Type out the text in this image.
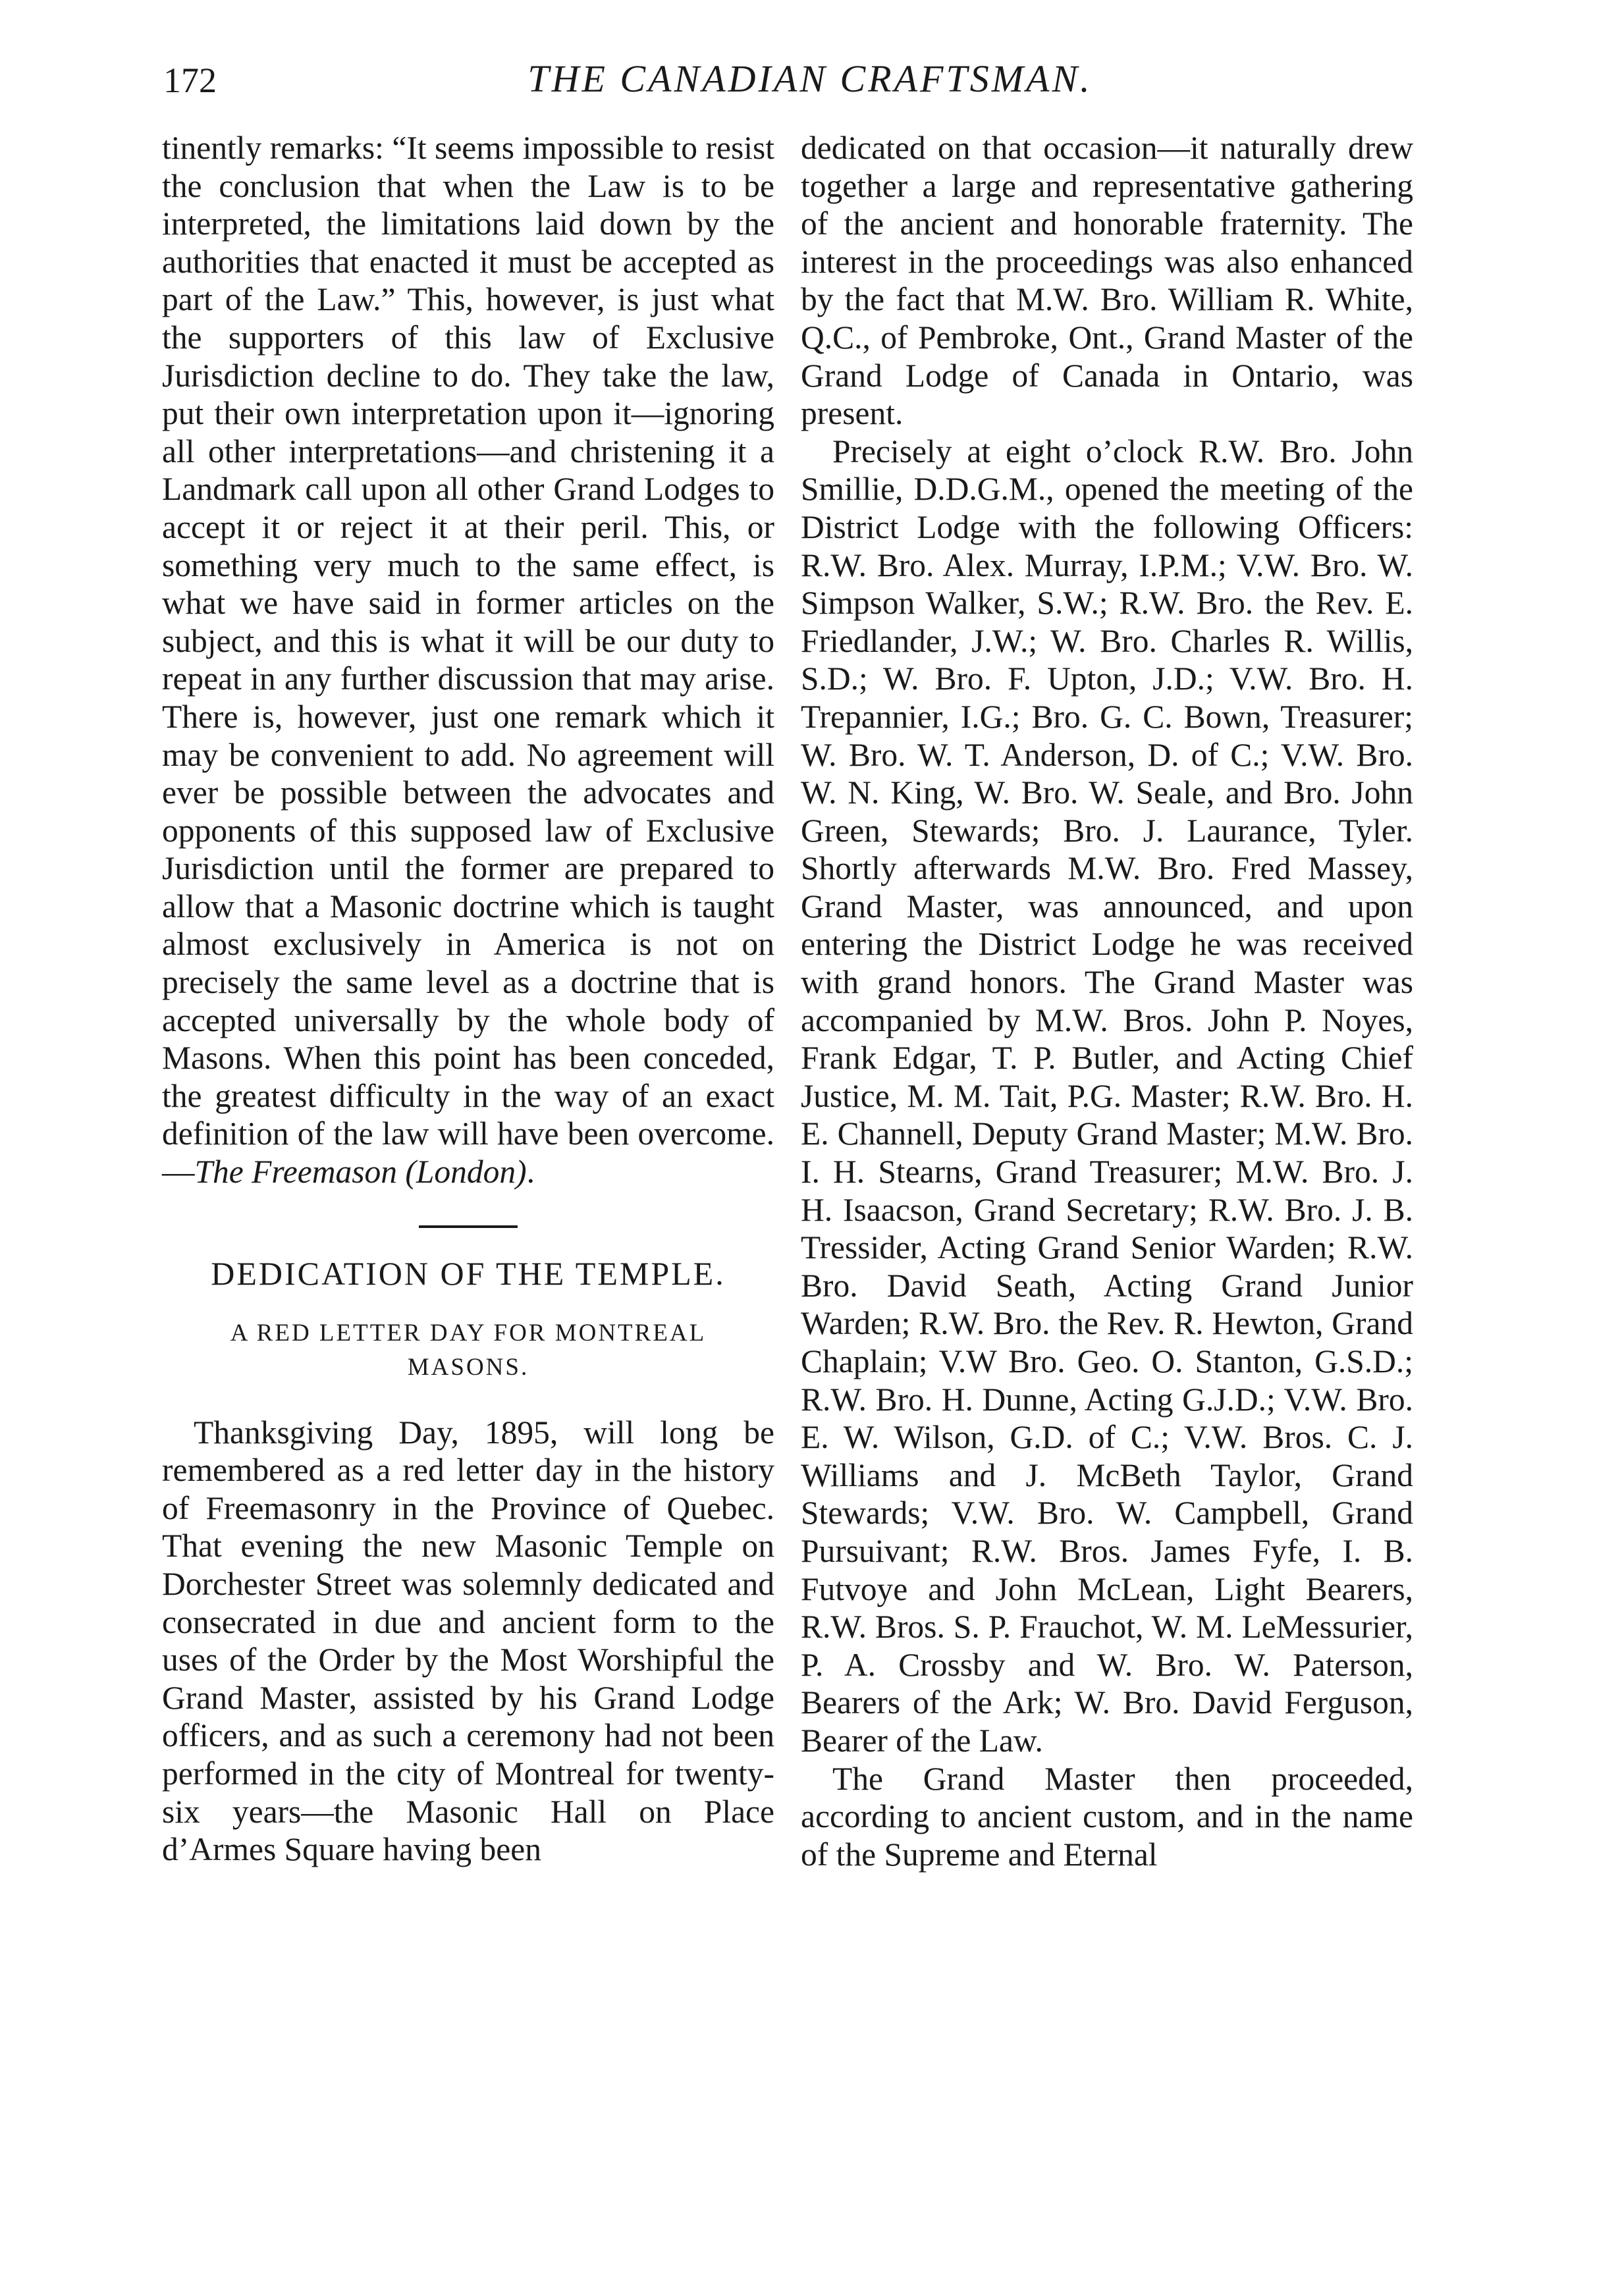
172	THE CANADIAN CRAFTSMAN.

tinently remarks: “It seems impossible to resist the conclusion that when the Law is to be interpreted, the limitations laid down by the authorities that enacted it must be accepted as part of the Law.” This, however, is just what the supporters of this law of Exclusive Jurisdiction decline to do. They take the law, put their own interpretation upon it—ignoring all other interpretations—and christening it a Landmark call upon all other Grand Lodges to accept it or reject it at their peril. This, or something very much to the same effect, is what we have said in former articles on the subject, and this is what it will be our duty to repeat in any further discussion that may arise. There is, however, just one remark which it may be convenient to add. No agreement will ever be possible between the advocates and opponents of this supposed law of Exclusive Jurisdiction until the former are prepared to allow that a Masonic doctrine which is taught almost exclusively in America is not on precisely the same level as a doctrine that is accepted universally by the whole body of Masons. When this point has been conceded, the greatest difficulty in the way of an exact definition of the law will have been overcome.—The Freemason (London).

DEDICATION OF THE TEMPLE.
A RED LETTER DAY FOR MONTREAL
MASONS.

Thanksgiving Day, 1895, will long be remembered as a red letter day in the history of Freemasonry in the Province of Quebec. That evening the new Masonic Temple on Dorchester Street was solemnly dedicated and consecrated in due and ancient form to the uses of the Order by the Most Worshipful the Grand Master, assisted by his Grand Lodge officers, and as such a ceremony had not been performed in the city of Montreal for twenty-six years—the Masonic Hall on Place d’Armes Square having been

dedicated on that occasion—it naturally drew together a large and representative gathering of the ancient and honorable fraternity. The interest in the proceedings was also enhanced by the fact that M.W. Bro. William R. White, Q.C., of Pembroke, Ont., Grand Master of the Grand Lodge of Canada in Ontario, was present.

Precisely at eight o’clock R.W. Bro. John Smillie, D.D.G.M., opened the meeting of the District Lodge with the following Officers: R.W. Bro. Alex. Murray, I.P.M.; V.W. Bro. W. Simpson Walker, S.W.; R.W. Bro. the Rev. E. Friedlander, J.W.; W. Bro. Charles R. Willis, S.D.; W. Bro. F. Upton, J.D.; V.W. Bro. H. Trepannier, I.G.; Bro. G. C. Bown, Treasurer; W. Bro. W. T. Anderson, D. of C.; V.W. Bro. W. N. King, W. Bro. W. Seale, and Bro. John Green, Stewards; Bro. J. Laurance, Tyler. Shortly afterwards M.W. Bro. Fred Massey, Grand Master, was announced, and upon entering the District Lodge he was received with grand honors. The Grand Master was accompanied by M.W. Bros. John P. Noyes, Frank Edgar, T. P. Butler, and Acting Chief Justice, M. M. Tait, P.G. Master; R.W. Bro. H. E. Channell, Deputy Grand Master; M.W. Bro. I. H. Stearns, Grand Treasurer; M.W. Bro. J. H. Isaacson, Grand Secretary; R.W. Bro. J. B. Tressider, Acting Grand Senior Warden; R.W. Bro. David Seath, Acting Grand Junior Warden; R.W. Bro. the Rev. R. Hewton, Grand Chaplain; V.W Bro. Geo. O. Stanton, G.S.D.; R.W. Bro. H. Dunne, Acting G.J.D.; V.W. Bro. E. W. Wilson, G.D. of C.; V.W. Bros. C. J. Williams and J. McBeth Taylor, Grand Stewards; V.W. Bro. W. Campbell, Grand Pursuivant; R.W. Bros. James Fyfe, I. B. Futvoye and John McLean, Light Bearers, R.W. Bros. S. P. Frauchot, W. M. LeMessurier, P. A. Crossby and W. Bro. W. Paterson, Bearers of the Ark; W. Bro. David Ferguson, Bearer of the Law.

The Grand Master then proceeded, according to ancient custom, and in the name of the Supreme and Eternal
